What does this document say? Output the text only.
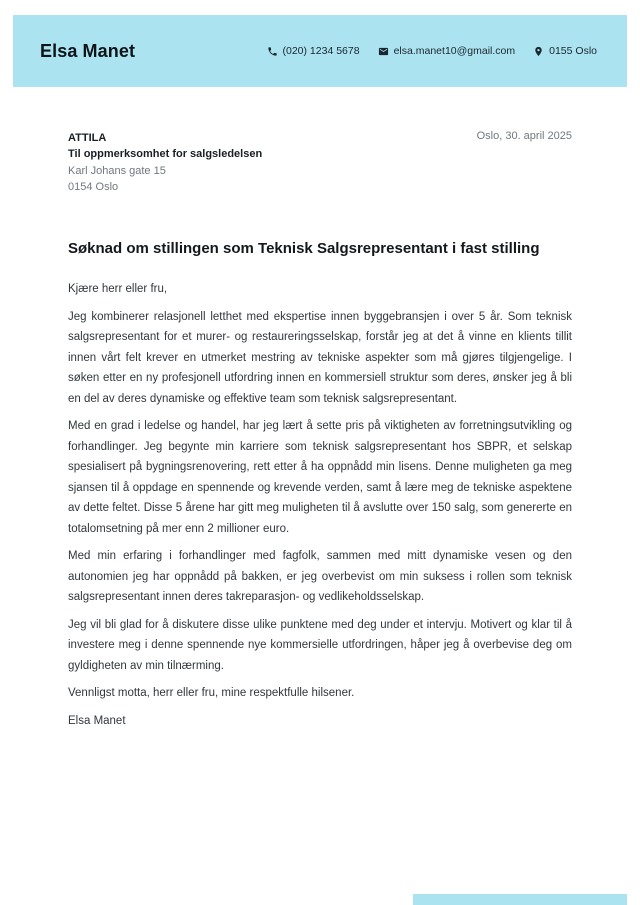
Elsa Manet	(020) 1234 5678	elsa.manet10@gmail.com	0155 Oslo
ATTILA
Til oppmerksomhet for salgsledelsen
Karl Johans gate 15
0154 Oslo
Oslo, 30. april 2025
Søknad om stillingen som Teknisk Salgsrepresentant i fast stilling

Kjære herr eller fru,

Jeg kombinerer relasjonell letthet med ekspertise innen byggebransjen i over 5 år. Som teknisk salgsrepresentant for et murer- og restaureringsselskap, forstår jeg at det å vinne en klients tillit innen vårt felt krever en utmerket mestring av tekniske aspekter som må gjøres tilgjengelige. I søken etter en ny profesjonell utfordring innen en kommersiell struktur som deres, ønsker jeg å bli en del av deres dynamiske og effektive team som teknisk salgsrepresentant.

Med en grad i ledelse og handel, har jeg lært å sette pris på viktigheten av forretningsutvikling og forhandlinger. Jeg begynte min karriere som teknisk salgsrepresentant hos SBPR, et selskap spesialisert på bygningsrenovering, rett etter å ha oppnådd min lisens. Denne muligheten ga meg sjansen til å oppdage en spennende og krevende verden, samt å lære meg de tekniske aspektene av dette feltet. Disse 5 årene har gitt meg muligheten til å avslutte over 150 salg, som genererte en totalomsetning på mer enn 2 millioner euro.

Med min erfaring i forhandlinger med fagfolk, sammen med mitt dynamiske vesen og den autonomien jeg har oppnådd på bakken, er jeg overbevist om min suksess i rollen som teknisk salgsrepresentant innen deres takreparasjon- og vedlikeholdsselskap.

Jeg vil bli glad for å diskutere disse ulike punktene med deg under et intervju. Motivert og klar til å investere meg i denne spennende nye kommersielle utfordringen, håper jeg å overbevise deg om gyldigheten av min tilnærming.

Vennligst motta, herr eller fru, mine respektfulle hilsener.

Elsa Manet
